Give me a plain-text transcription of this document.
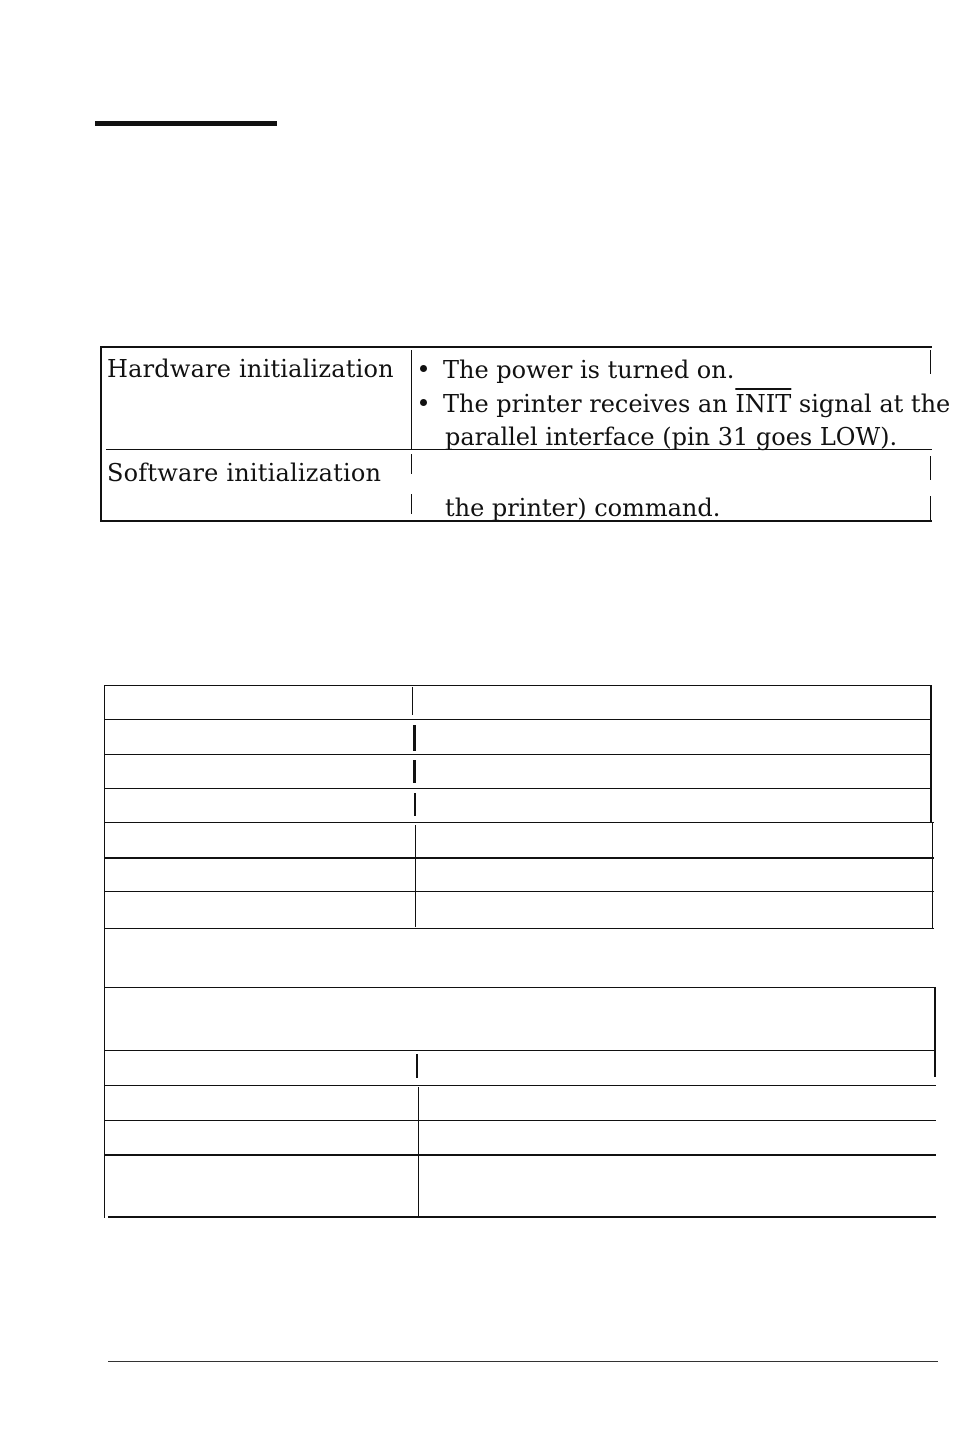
Hardware initialization	The power is turned on.
The printer receives an INIT signal at the
parallel interface (pin 31 goes LOW).
Software initialization
the printer) command.
